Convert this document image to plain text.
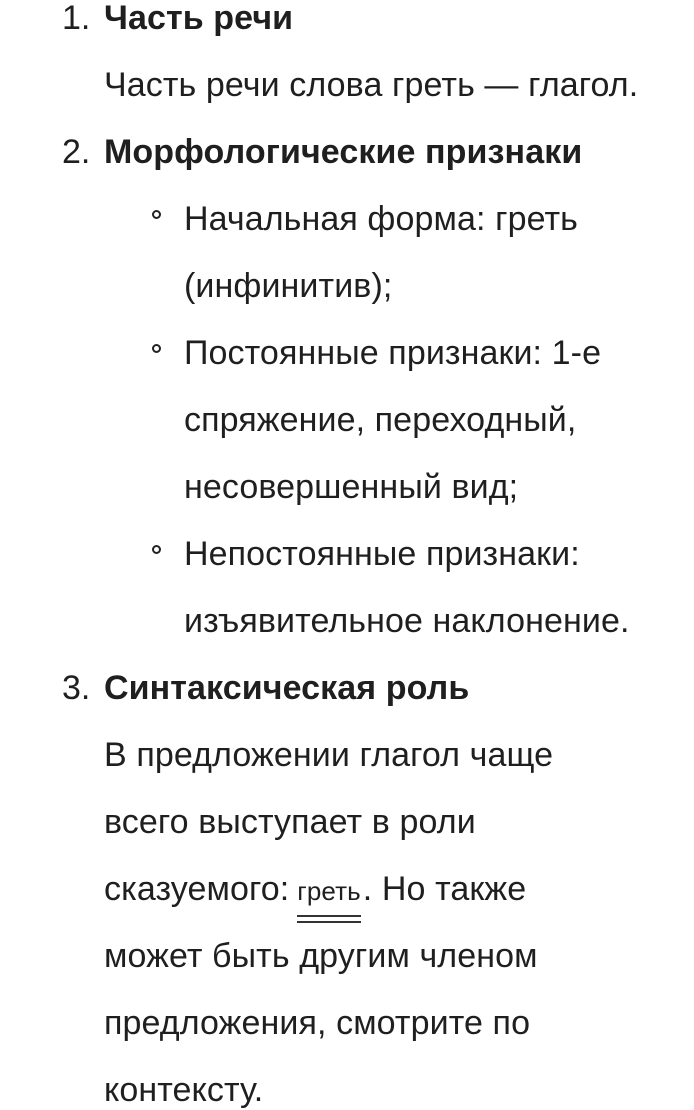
1. Часть речи
Часть речи слова греть — глагол.
2. Морфологические признаки
Начальная форма: греть
(инфинитив);
Постоянные признаки: 1-е
спряжение, переходный,
несовершенный вид;
Непостоянные признаки:
изъявительное наклонение.
3. Синтаксическая роль
В предложении глагол чаще
всего выступает в роли
сказуемого: греть. Но также
может быть другим членом
предложения, смотрите по
контексту.
